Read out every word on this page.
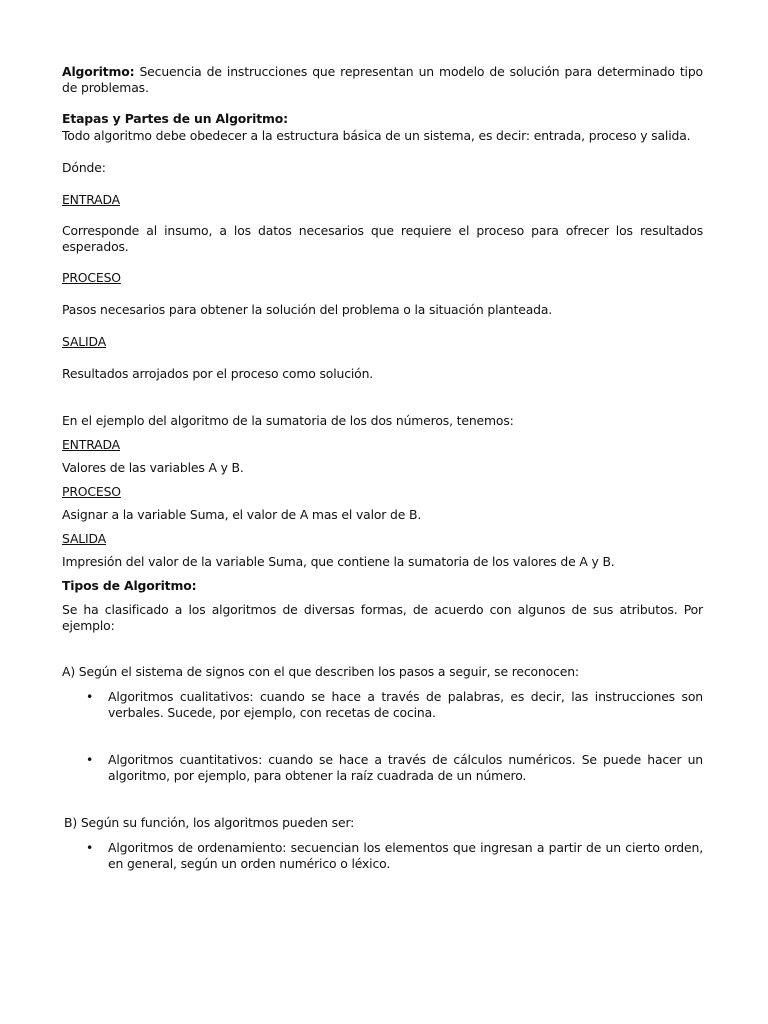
Algoritmo: Secuencia de instrucciones que representan un modelo de solución para determinado tipo de problemas.

Etapas y Partes de un Algoritmo:

Todo algoritmo debe obedecer a la estructura básica de un sistema, es decir: entrada, proceso y salida.

Dónde:

ENTRADA

Corresponde al insumo, a los datos necesarios que requiere el proceso para ofrecer los resultados esperados.

PROCESO

Pasos necesarios para obtener la solución del problema o la situación planteada.

SALIDA

Resultados arrojados por el proceso como solución.

En el ejemplo del algoritmo de la sumatoria de los dos números, tenemos:

ENTRADA

Valores de las variables A y B.

PROCESO

Asignar a la variable Suma, el valor de A mas el valor de B.

SALIDA

Impresión del valor de la variable Suma, que contiene la sumatoria de los valores de A y B.

Tipos de Algoritmo:

Se ha clasificado a los algoritmos de diversas formas, de acuerdo con algunos de sus atributos. Por ejemplo:

A) Según el sistema de signos con el que describen los pasos a seguir, se reconocen:

•	Algoritmos cualitativos: cuando se hace a través de palabras, es decir, las instrucciones son verbales. Sucede, por ejemplo, con recetas de cocina.
•	Algoritmos cuantitativos: cuando se hace a través de cálculos numéricos. Se puede hacer un algoritmo, por ejemplo, para obtener la raíz cuadrada de un número.

B) Según su función, los algoritmos pueden ser:

•	Algoritmos de ordenamiento: secuencian los elementos que ingresan a partir de un cierto orden, en general, según un orden numérico o léxico.
